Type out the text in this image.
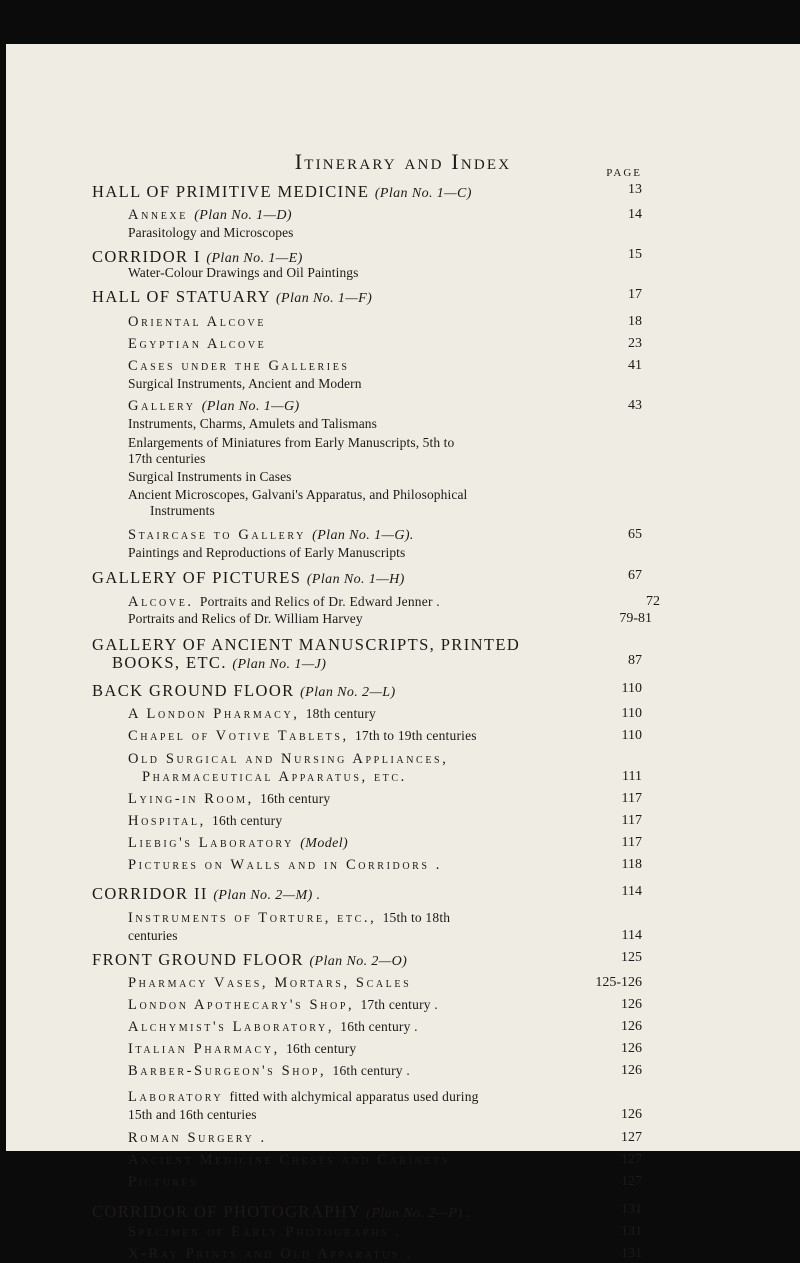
Itinerary and Index	PAGE
HALL OF PRIMITIVE MEDICINE (Plan No. 1—C)	13
Annexe (Plan No. 1—D)	14
Parasitology and Microscopes
CORRIDOR I (Plan No. 1—E)	15
Water-Colour Drawings and Oil Paintings
HALL OF STATUARY (Plan No. 1—F)	17
Oriental Alcove	18
Egyptian Alcove	23
Cases under the Galleries	41
Surgical Instruments, Ancient and Modern
Gallery (Plan No. 1—G)	43
Instruments, Charms, Amulets and Talismans
Enlargements of Miniatures from Early Manuscripts, 5th to
17th centuries
Surgical Instruments in Cases
Ancient Microscopes, Galvani's Apparatus, and Philosophical
Instruments
Staircase to Gallery (Plan No. 1—G).	65
Paintings and Reproductions of Early Manuscripts
GALLERY OF PICTURES (Plan No. 1—H)	67
Alcove. Portraits and Relics of Dr. Edward Jenner .	72
Portraits and Relics of Dr. William Harvey	79-81
GALLERY OF ANCIENT MANUSCRIPTS, PRINTED
BOOKS, ETC. (Plan No. 1—J)	87
BACK GROUND FLOOR (Plan No. 2—L)	110
A London Pharmacy, 18th century	110
Chapel of Votive Tablets, 17th to 19th centuries	110
Old Surgical and Nursing Appliances,
Pharmaceutical Apparatus, etc.	111
Lying-in Room, 16th century	117
Hospital, 16th century	117
Liebig's Laboratory (Model)	117
Pictures on Walls and in Corridors .	118
CORRIDOR II (Plan No. 2—M) .	114
Instruments of Torture, etc., 15th to 18th
centuries	114
FRONT GROUND FLOOR (Plan No. 2—O)	125
Pharmacy Vases, Mortars, Scales	125-126
London Apothecary's Shop, 17th century .	126
Alchymist's Laboratory, 16th century .	126
Italian Pharmacy, 16th century	126
Barber-Surgeon's Shop, 16th century .	126
Laboratory fitted with alchymical apparatus used during
15th and 16th centuries	126
Roman Surgery .	127
Ancient Medicine Chests and Cabinets	127
Pictures	127
CORRIDOR OF PHOTOGRAPHY (Plan No. 2—P) .	131
Specimen of Early Photographs .	131
X-Ray Prints and Old Apparatus .	131
